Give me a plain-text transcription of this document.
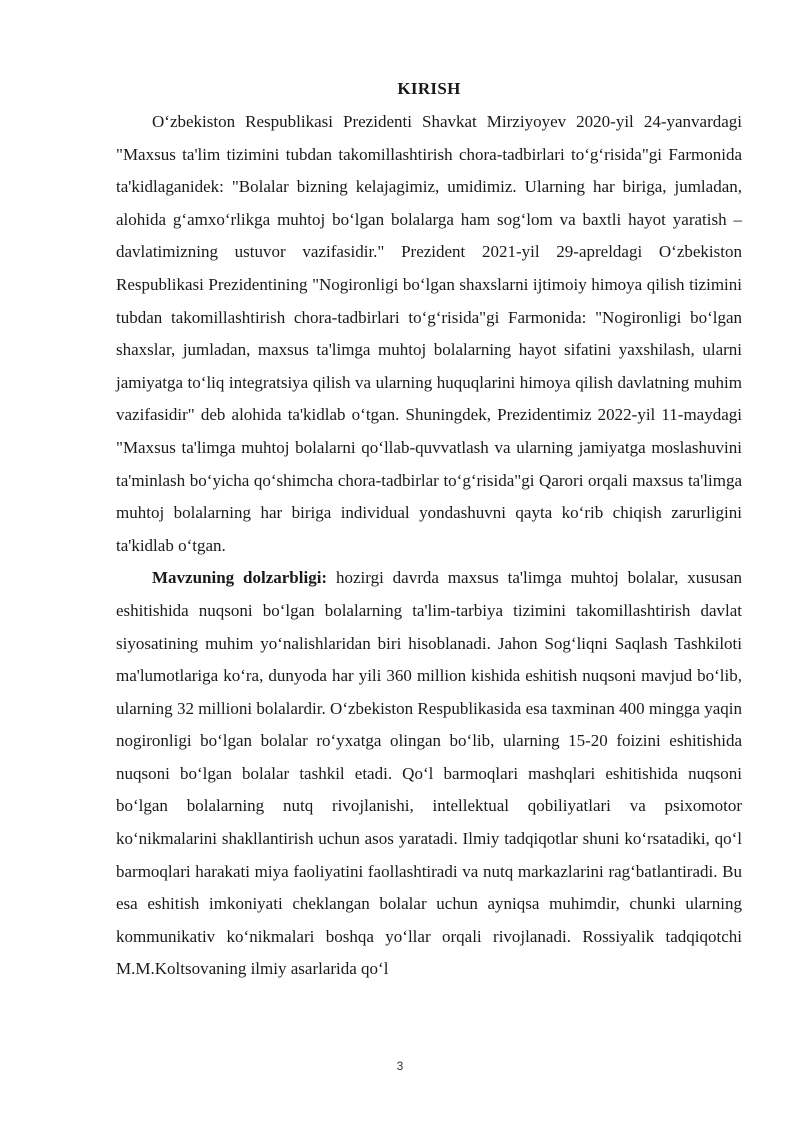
KIRISH

O‘zbekiston Respublikasi Prezidenti Shavkat Mirziyoyev 2020-yil 24-yanvardagi "Maxsus ta'lim tizimini tubdan takomillashtirish chora-tadbirlari to‘g‘risida"gi Farmonida ta'kidlaganidek: "Bolalar bizning kelajagimiz, umidimiz. Ularning har biriga, jumladan, alohida g‘amxo‘rlikga muhtoj bo‘lgan bolalarga ham sog‘lom va baxtli hayot yaratish – davlatimizning ustuvor vazifasidir." Prezident 2021-yil 29-apreldagi O‘zbekiston Respublikasi Prezidentining "Nogironligi bo‘lgan shaxslarni ijtimoiy himoya qilish tizimini tubdan takomillashtirish chora-tadbirlari to‘g‘risida"gi Farmonida: "Nogironligi bo‘lgan shaxslar, jumladan, maxsus ta'limga muhtoj bolalarning hayot sifatini yaxshilash, ularni jamiyatga to‘liq integratsiya qilish va ularning huquqlarini himoya qilish davlatning muhim vazifasidir" deb alohida ta'kidlab o‘tgan. Shuningdek, Prezidentimiz 2022-yil 11-maydagi "Maxsus ta'limga muhtoj bolalarni qo‘llab-quvvatlash va ularning jamiyatga moslashuvini ta'minlash bo‘yicha qo‘shimcha chora-tadbirlar to‘g‘risida"gi Qarori orqali maxsus ta'limga muhtoj bolalarning har biriga individual yondashuvni qayta ko‘rib chiqish zarurligini ta'kidlab o‘tgan.

Mavzuning dolzarbligi: hozirgi davrda maxsus ta'limga muhtoj bolalar, xususan eshitishida nuqsoni bo‘lgan bolalarning ta'lim-tarbiya tizimini takomillashtirish davlat siyosatining muhim yo‘nalishlaridan biri hisoblanadi. Jahon Sog‘liqni Saqlash Tashkiloti ma'lumotlariga ko‘ra, dunyoda har yili 360 million kishida eshitish nuqsoni mavjud bo‘lib, ularning 32 millioni bolalardir. O‘zbekiston Respublikasida esa taxminan 400 mingga yaqin nogironligi bo‘lgan bolalar ro‘yxatga olingan bo‘lib, ularning 15-20 foizini eshitishida nuqsoni bo‘lgan bolalar tashkil etadi. Qo‘l barmoqlari mashqlari eshitishida nuqsoni bo‘lgan bolalarning nutq rivojlanishi, intellektual qobiliyatlari va psixomotor ko‘nikmalarini shakllantirish uchun asos yaratadi. Ilmiy tadqiqotlar shuni ko‘rsatadiki, qo‘l barmoqlari harakati miya faoliyatini faollashtiradi va nutq markazlarini rag‘batlantiradi. Bu esa eshitish imkoniyati cheklangan bolalar uchun ayniqsa muhimdir, chunki ularning kommunikativ ko‘nikmalari boshqa yo‘llar orqali rivojlanadi. Rossiyalik tadqiqotchi M.M.Koltsovaning ilmiy asarlarida qo‘l

3
